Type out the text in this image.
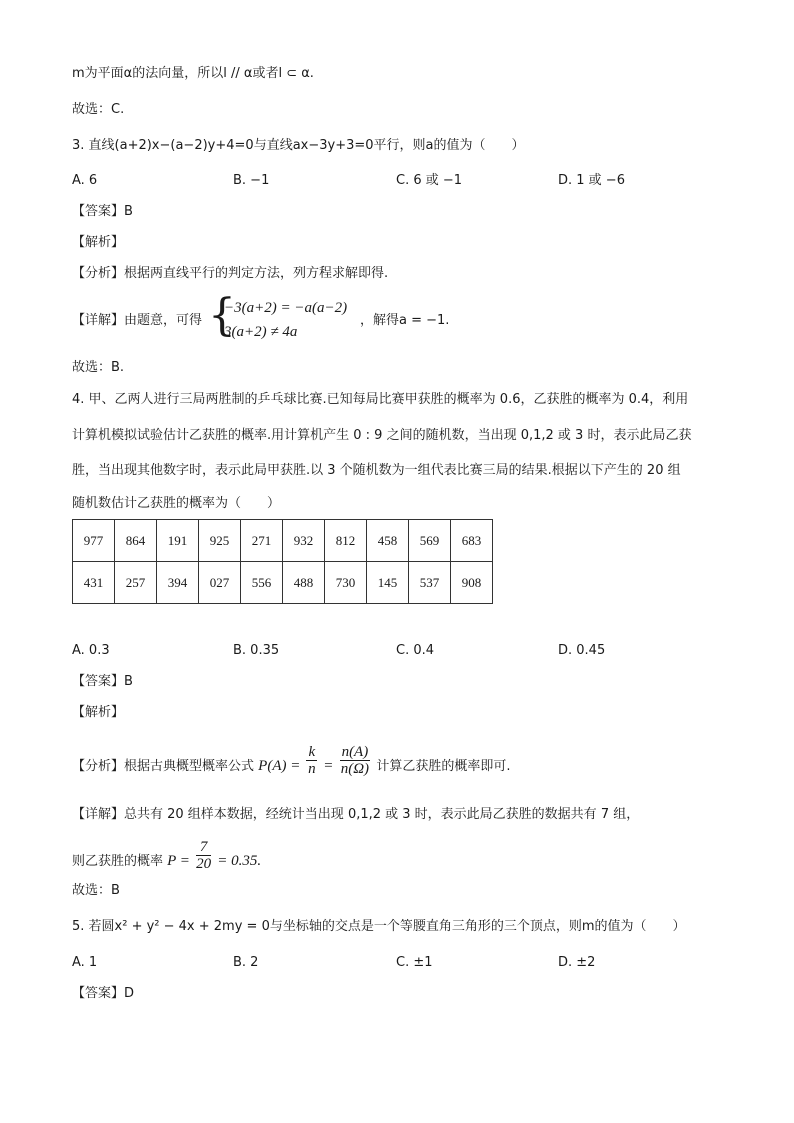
m为平面α的法向量，所以l // α或者l ⊂ α.
故选：C.
3. 直线(a+2)x−(a−2)y+4=0与直线ax−3y+3=0平行，则a的值为（　　）
A. 6	B. −1	C. 6 或 −1	D. 1 或 −6
【答案】B
【解析】
【分析】根据两直线平行的判定方法，列方程求解即得.
【详解】由题意，可得 {
−3(a+2) = −a(a−2)
3(a+2) ≠ 4a
，解得a = −1.
故选：B.
4. 甲、乙两人进行三局两胜制的乒乓球比赛.已知每局比赛甲获胜的概率为 0.6，乙获胜的概率为 0.4，利用
计算机模拟试验估计乙获胜的概率.用计算机产生 0 : 9 之间的随机数，当出现 0,1,2 或 3 时，表示此局乙获
胜，当出现其他数字时，表示此局甲获胜.以 3 个随机数为一组代表比赛三局的结果.根据以下产生的 20 组
随机数估计乙获胜的概率为（　　）
977	864	191	925	271	932	812	458	569	683
431	257	394	027	556	488	730	145	537	908
A. 0.3	B. 0.35	C. 0.4	D. 0.45
【答案】B
【解析】
【分析】根据古典概型概率公式 $P(A) = \frac{k}{n} = \frac{n(A)}{n(\Omega)}$ 计算乙获胜的概率即可.
【详解】总共有 20 组样本数据，经统计当出现 0,1,2 或 3 时，表示此局乙获胜的数据共有 7 组，
则乙获胜的概率 $P = \frac{7}{20} = 0.35$.
故选：B
5. 若圆x² + y² − 4x + 2my = 0与坐标轴的交点是一个等腰直角三角形的三个顶点，则m的值为（　　）
A. 1	B. 2	C. ±1	D. ±2
【答案】D
